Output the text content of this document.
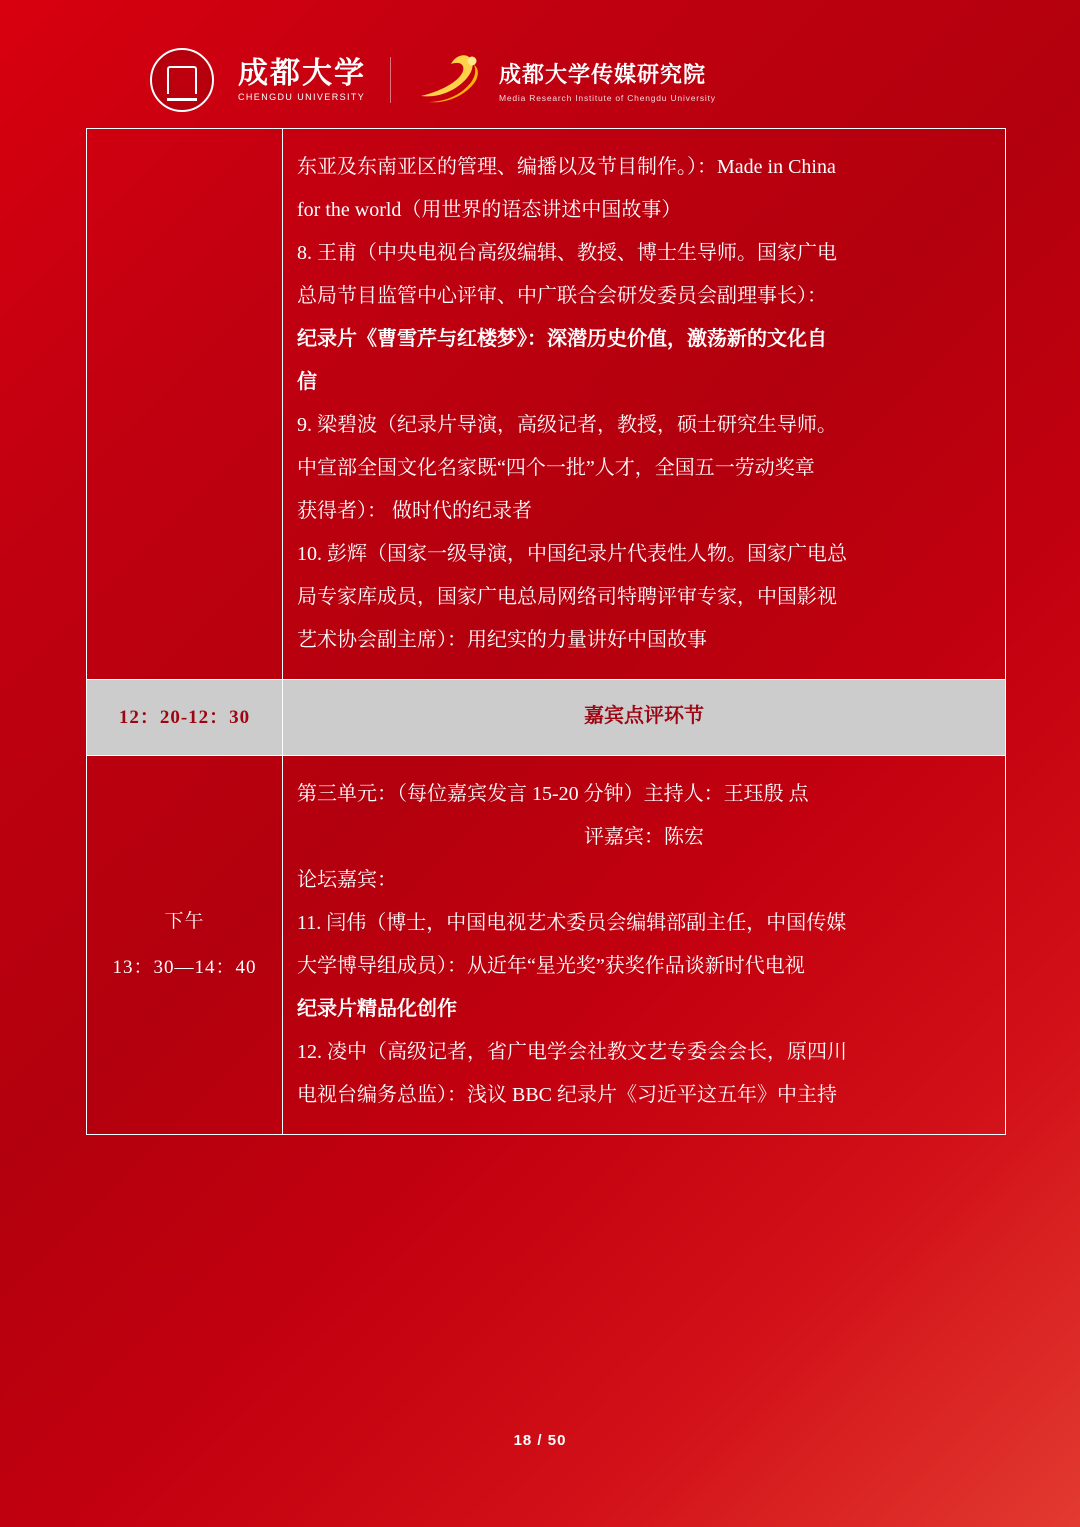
成都大学
CHENGDU UNIVERSITY
成都大学传媒研究院
Media Research Institute of Chengdu University
东亚及东南亚区的管理、编播以及节目制作。）：Made in China
for the world（用世界的语态讲述中国故事）
8. 王甫（中央电视台高级编辑、教授、博士生导师。国家广电
总局节目监管中心评审、中广联合会研发委员会副理事长）：
纪录片《曹雪芹与红楼梦》：深潜历史价值，激荡新的文化自
信
9. 梁碧波（纪录片导演，高级记者，教授，硕士研究生导师。
中宣部全国文化名家既“四个一批”人才，全国五一劳动奖章
获得者）： 做时代的纪录者
10. 彭辉（国家一级导演，中国纪录片代表性人物。国家广电总
局专家库成员，国家广电总局网络司特聘评审专家，中国影视
艺术协会副主席）：用纪实的力量讲好中国故事
12：20-12：30	嘉宾点评环节
下午
13：30—14：40
第三单元：（每位嘉宾发言 15-20 分钟）主持人：王珏殷 点
评嘉宾：陈宏
论坛嘉宾：
11. 闫伟（博士，中国电视艺术委员会编辑部副主任，中国传媒
大学博导组成员）：从近年“星光奖”获奖作品谈新时代电视
纪录片精品化创作
12. 凌中（高级记者，省广电学会社教文艺专委会会长，原四川
电视台编务总监）：浅议 BBC 纪录片《习近平这五年》中主持
18 / 50
